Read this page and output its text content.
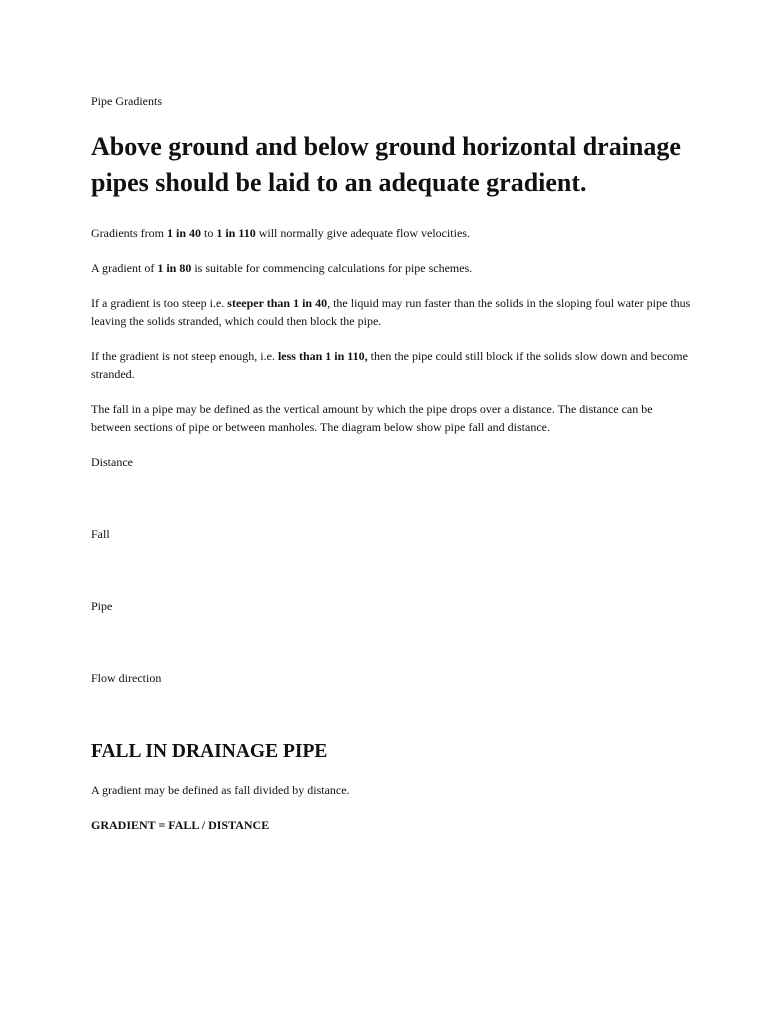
Pipe Gradients

Above ground and below ground horizontal drainage pipes should be laid to an adequate gradient.

Gradients from 1 in 40 to 1 in 110 will normally give adequate flow velocities.

A gradient of 1 in 80 is suitable for commencing calculations for pipe schemes.

If a gradient is too steep i.e. steeper than 1 in 40, the liquid may run faster than the solids in the sloping foul water pipe thus leaving the solids stranded, which could then block the pipe.

If the gradient is not steep enough, i.e. less than 1 in 110, then the pipe could still block if the solids slow down and become stranded.

The fall in a pipe may be defined as the vertical amount by which the pipe drops over a distance. The distance can be between sections of pipe or between manholes. The diagram below show pipe fall and distance.

Distance

Fall

Pipe

Flow direction

FALL IN DRAINAGE PIPE

A gradient may be defined as fall divided by distance.

GRADIENT = FALL / DISTANCE
